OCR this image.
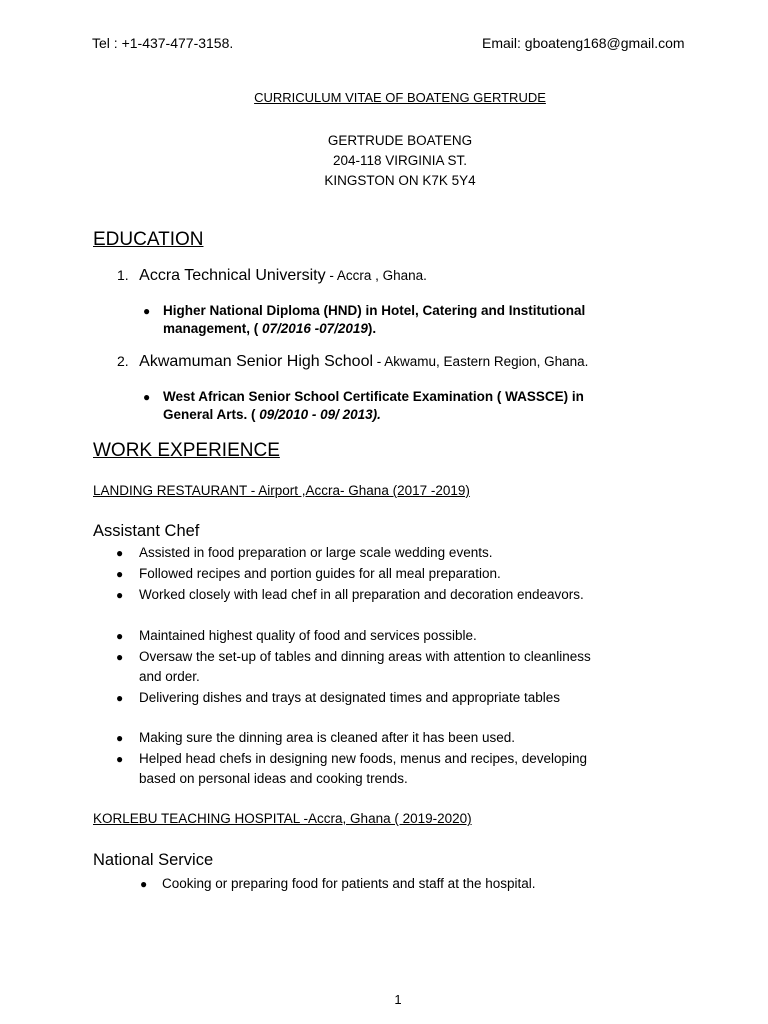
Tel : +1-437-477-3158.	Email: gboateng168@gmail.com
CURRICULUM VITAE OF BOATENG GERTRUDE
GERTRUDE BOATENG
204-118 VIRGINIA ST.
KINGSTON ON K7K 5Y4
EDUCATION
1. Accra Technical University - Accra , Ghana.
● Higher National Diploma (HND) in Hotel, Catering and Institutional
management, ( 07/2016 -07/2019).
2. Akwamuman Senior High School - Akwamu, Eastern Region, Ghana.
● West African Senior School Certificate Examination ( WASSCE) in
General Arts. ( 09/2010 - 09/ 2013).
WORK EXPERIENCE
LANDING RESTAURANT - Airport ,Accra- Ghana (2017 -2019)
Assistant Chef
● Assisted in food preparation or large scale wedding events.
● Followed recipes and portion guides for all meal preparation.
● Worked closely with lead chef in all preparation and decoration endeavors.
● Maintained highest quality of food and services possible.
● Oversaw the set-up of tables and dinning areas with attention to cleanliness and order.
● Delivering dishes and trays at designated times and appropriate tables
● Making sure the dinning area is cleaned after it has been used.
● Helped head chefs in designing new foods, menus and recipes, developing based on personal ideas and cooking trends.
KORLEBU TEACHING HOSPITAL -Accra, Ghana ( 2019-2020)
National Service
● Cooking or preparing food for patients and staff at the hospital.
1
